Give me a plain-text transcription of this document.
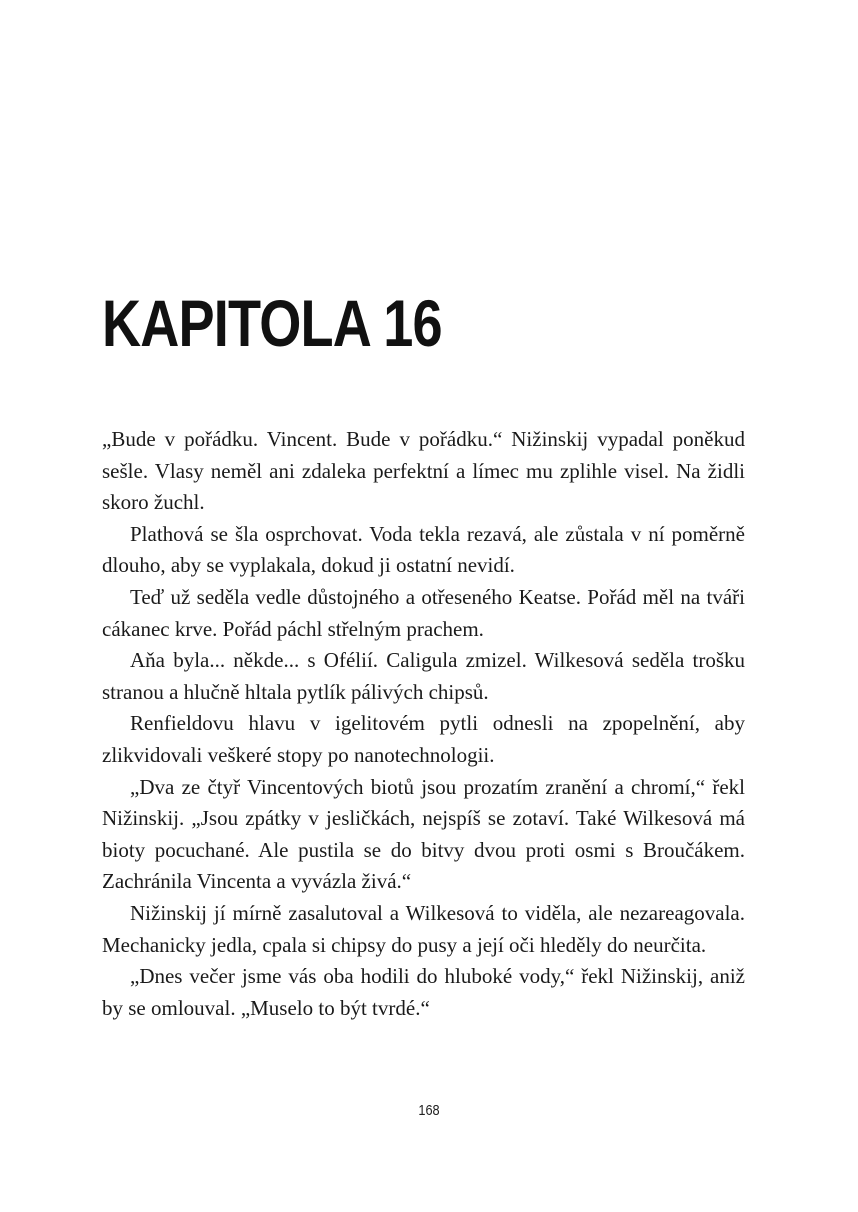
KAPITOLA 16

„Bude v pořádku. Vincent. Bude v pořádku.“ Nižinskij vypadal poněkud sešle. Vlasy neměl ani zdaleka perfektní a límec mu zplihle visel. Na židli skoro žuchl.

Plathová se šla osprchovat. Voda tekla rezavá, ale zůstala v ní poměrně dlouho, aby se vyplakala, dokud ji ostatní nevidí.

Teď už seděla vedle důstojného a otřeseného Keatse. Pořád měl na tváři cákanec krve. Pořád páchl střelným prachem.

Aňa byla... někde... s Ofélií. Caligula zmizel. Wilkesová seděla trošku stranou a hlučně hltala pytlík pálivých chipsů.

Renfieldovu hlavu v igelitovém pytli odnesli na zpopelnění, aby zlikvidovali veškeré stopy po nanotechnologii.

„Dva ze čtyř Vincentových biotů jsou prozatím zranění a chromí,“ řekl Nižinskij. „Jsou zpátky v jesličkách, nejspíš se zotaví. Také Wilkesová má bioty pocuchané. Ale pustila se do bitvy dvou proti osmi s Broučákem. Zachránila Vincenta a vyvázla živá.“

Nižinskij jí mírně zasalutoval a Wilkesová to viděla, ale nezareagovala. Mechanicky jedla, cpala si chipsy do pusy a její oči hleděly do neurčita.

„Dnes večer jsme vás oba hodili do hluboké vody,“ řekl Nižinskij, aniž by se omlouval. „Muselo to být tvrdé.“

168
